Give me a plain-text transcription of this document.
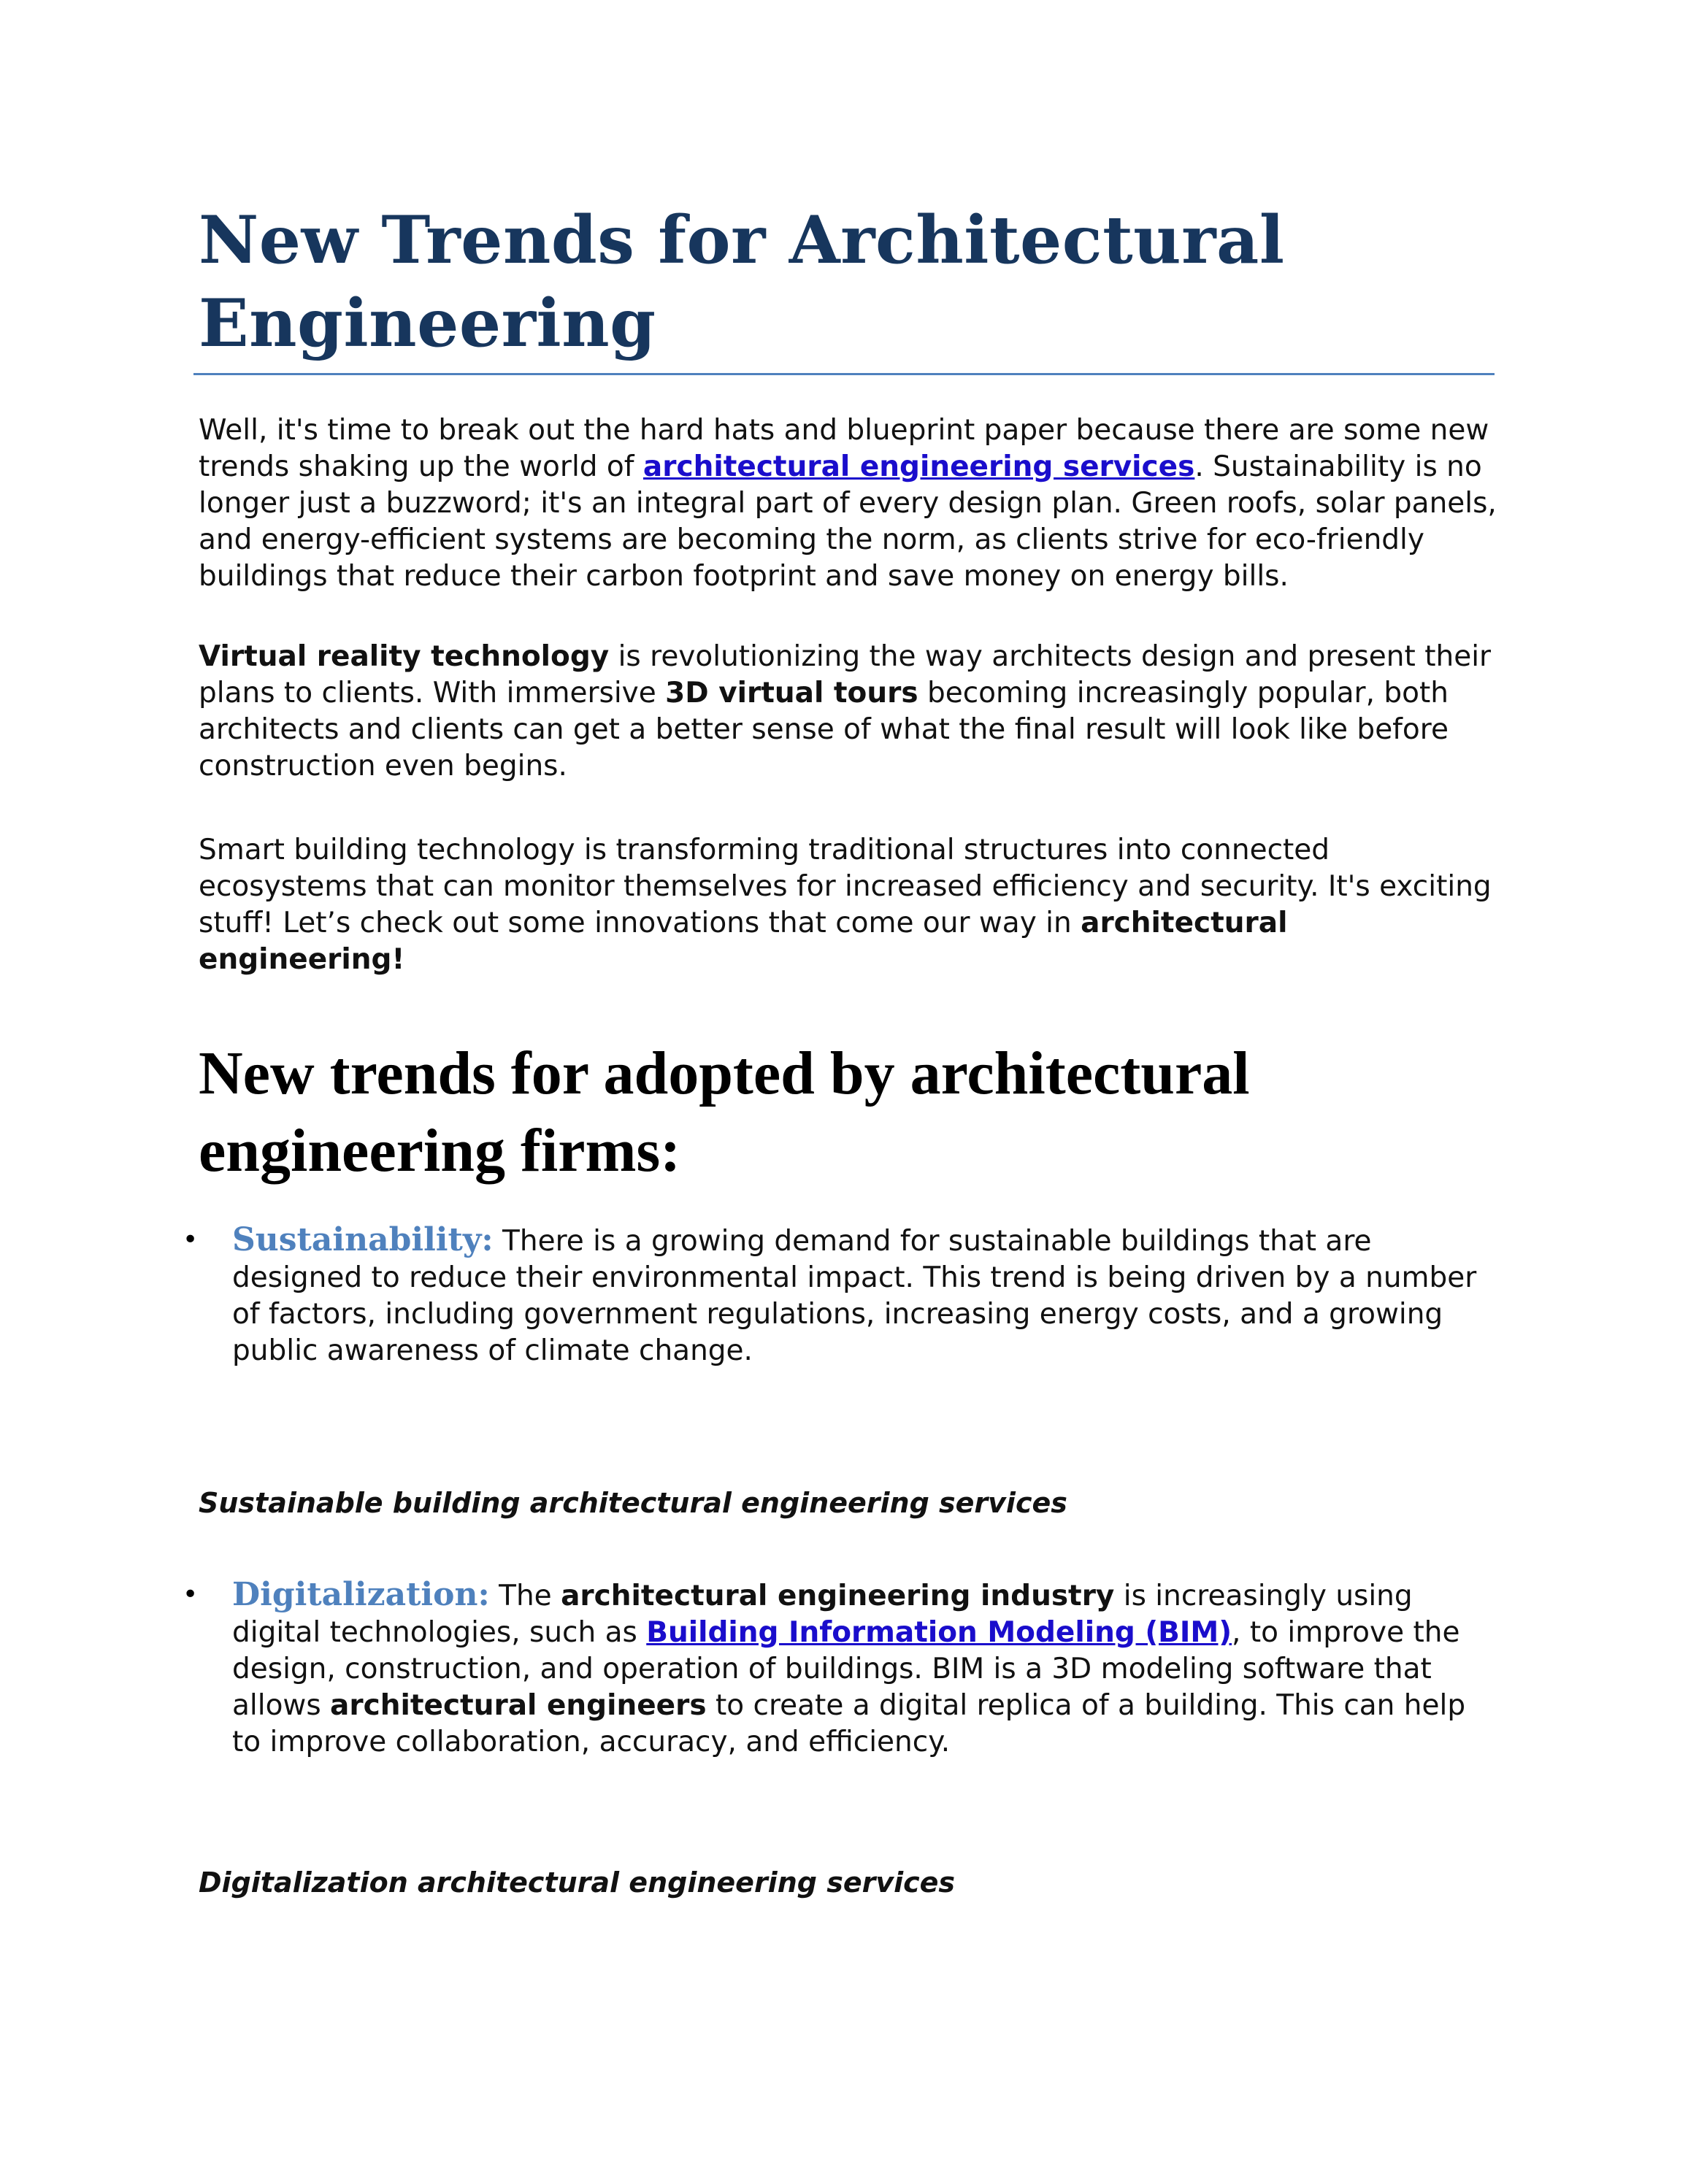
New Trends for Architectural Engineering

Well, it's time to break out the hard hats and blueprint paper because there are some new trends shaking up the world of architectural engineering services. Sustainability is no longer just a buzzword; it's an integral part of every design plan. Green roofs, solar panels, and energy-efficient systems are becoming the norm, as clients strive for eco-friendly buildings that reduce their carbon footprint and save money on energy bills.

Virtual reality technology is revolutionizing the way architects design and present their plans to clients. With immersive 3D virtual tours becoming increasingly popular, both architects and clients can get a better sense of what the final result will look like before construction even begins.

Smart building technology is transforming traditional structures into connected ecosystems that can monitor themselves for increased efficiency and security. It's exciting stuff! Let’s check out some innovations that come our way in architectural engineering!

New trends for adopted by architectural engineering firms:
• Sustainability: There is a growing demand for sustainable buildings that are designed to reduce their environmental impact. This trend is being driven by a number of factors, including government regulations, increasing energy costs, and a growing public awareness of climate change.

Sustainable building architectural engineering services

• Digitalization: The architectural engineering industry is increasingly using digital technologies, such as Building Information Modeling (BIM), to improve the design, construction, and operation of buildings. BIM is a 3D modeling software that allows architectural engineers to create a digital replica of a building. This can help to improve collaboration, accuracy, and efficiency.

Digitalization architectural engineering services
